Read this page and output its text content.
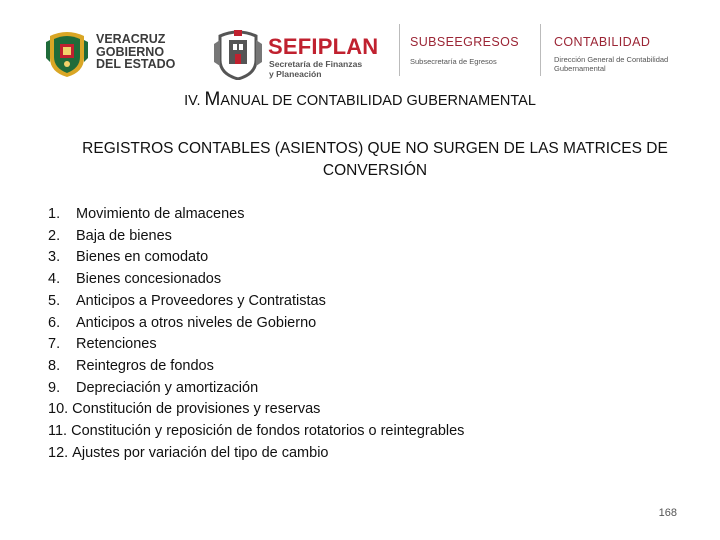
VERACRUZ
GOBIERNO
DEL ESTADO
SEFIPLAN
Secretaría de Finanzas
y Planeación
SUBSEEGRESOS
Subsecretaría de Egresos
CONTABILIDAD
Dirección General de Contabilidad
Gubernamental
IV. MANUAL DE CONTABILIDAD GUBERNAMENTAL
REGISTROS CONTABLES (ASIENTOS) QUE NO SURGEN DE LAS MATRICES DE
CONVERSIÓN
1. Movimiento de almacenes
2. Baja de bienes
3. Bienes en comodato
4. Bienes concesionados
5. Anticipos a Proveedores y Contratistas
6. Anticipos a otros niveles de Gobierno
7. Retenciones
8. Reintegros de fondos
9. Depreciación y amortización
10. Constitución de provisiones y reservas
11. Constitución y reposición de fondos rotatorios o reintegrables
12. Ajustes por variación del tipo de cambio
168
